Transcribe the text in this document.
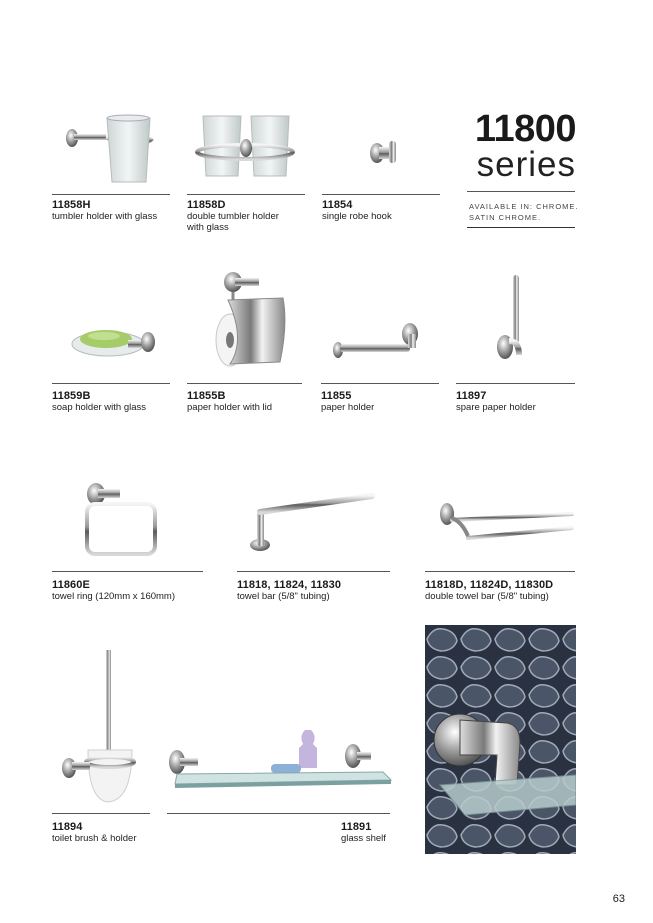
11800
series
AVAILABLE IN: CHROME.
SATIN CHROME.
11858H
tumbler holder with glass
11858D
double tumbler holder
with glass
11854
single robe hook
11859B
soap holder with glass
11855B
paper holder with lid
11855
paper holder
11897
spare paper holder
11860E
towel ring (120mm x 160mm)
11818, 11824, 11830
towel bar (5/8" tubing)
11818D, 11824D, 11830D
double towel bar (5/8" tubing)
11894
toilet brush & holder
11891
glass shelf
63
